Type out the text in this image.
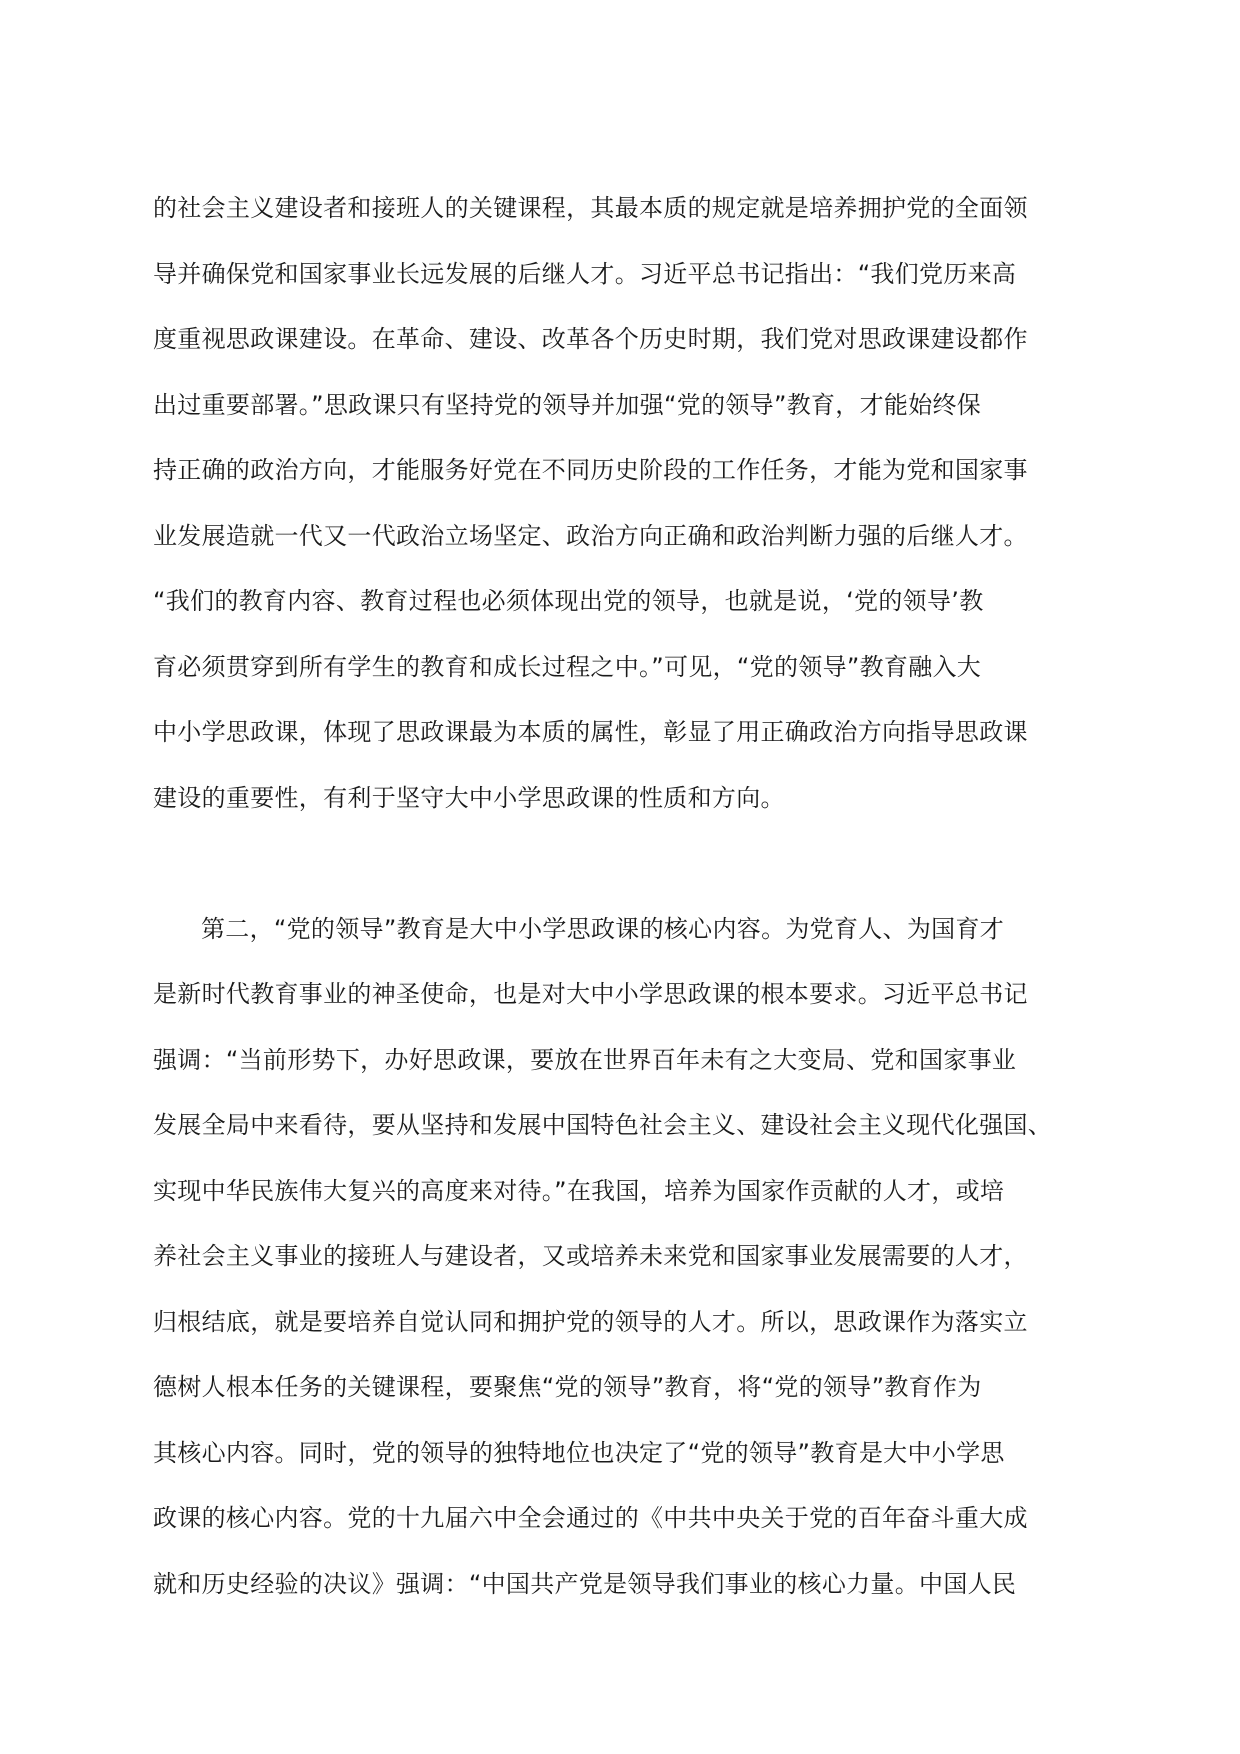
的社会主义建设者和接班人的关键课程，其最本质的规定就是培养拥护党的全面领
导并确保党和国家事业长远发展的后继人才。习近平总书记指出：“我们党历来高
度重视思政课建设。在革命、建设、改革各个历史时期，我们党对思政课建设都作
出过重要部署。”思政课只有坚持党的领导并加强“党的领导”教育，才能始终保
持正确的政治方向，才能服务好党在不同历史阶段的工作任务，才能为党和国家事
业发展造就一代又一代政治立场坚定、政治方向正确和政治判断力强的后继人才。
“我们的教育内容、教育过程也必须体现出党的领导，也就是说，‘党的领导’教
育必须贯穿到所有学生的教育和成长过程之中。”可见，“党的领导”教育融入大
中小学思政课，体现了思政课最为本质的属性，彰显了用正确政治方向指导思政课
建设的重要性，有利于坚守大中小学思政课的性质和方向。
第二，“党的领导”教育是大中小学思政课的核心内容。为党育人、为国育才
是新时代教育事业的神圣使命，也是对大中小学思政课的根本要求。习近平总书记
强调：“当前形势下，办好思政课，要放在世界百年未有之大变局、党和国家事业
发展全局中来看待，要从坚持和发展中国特色社会主义、建设社会主义现代化强国、
实现中华民族伟大复兴的高度来对待。”在我国，培养为国家作贡献的人才，或培
养社会主义事业的接班人与建设者，又或培养未来党和国家事业发展需要的人才，
归根结底，就是要培养自觉认同和拥护党的领导的人才。所以，思政课作为落实立
德树人根本任务的关键课程，要聚焦“党的领导”教育，将“党的领导”教育作为
其核心内容。同时，党的领导的独特地位也决定了“党的领导”教育是大中小学思
政课的核心内容。党的十九届六中全会通过的《中共中央关于党的百年奋斗重大成
就和历史经验的决议》强调：“中国共产党是领导我们事业的核心力量。中国人民
